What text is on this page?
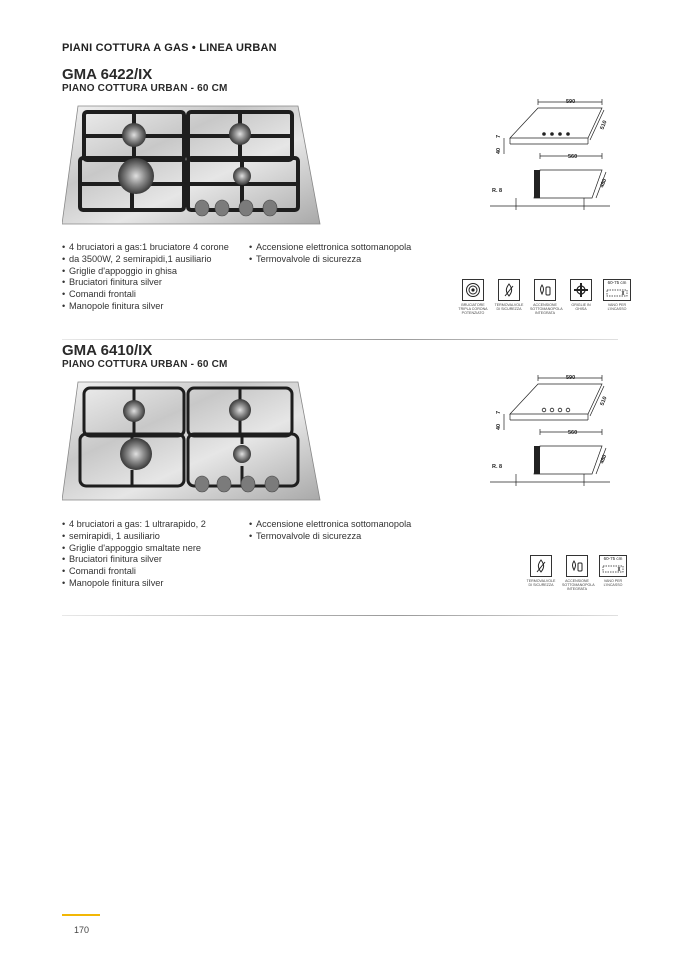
PIANI COTTURA A GAS • LINEA URBAN
GMA 6422/IX
PIANO COTTURA URBAN - 60 CM
590
510
40
7
560
480
R. 8
• 4 bruciatori a gas:1 bruciatore 4 corone
• da 3500W, 2 semirapidi,1 ausiliario
• Griglie d'appoggio in ghisa
• Bruciatori finitura silver
• Comandi frontali
• Manopole finitura silver
• Accensione elettronica sottomanopola
• Termovalvole di sicurezza
BRUCIATORE TRIPLA CORONA POTENZIATO
TERMOVALVOLE DI SICUREZZA
ACCENSIONE SOTTOMANOPOLA INTEGRATA
GRIGLIE IN GHISA
60-75 cm
VANO PER L'INCASSO
GMA 6410/IX
PIANO COTTURA URBAN - 60 CM
590
510
40
7
560
480
R. 8
• 4 bruciatori a gas: 1 ultrarapido, 2
• semirapidi, 1 ausiliario
• Griglie d'appoggio smaltate nere
• Bruciatori finitura silver
• Comandi frontali
• Manopole finitura silver
• Accensione elettronica sottomanopola
• Termovalvole di sicurezza
TERMOVALVOLE DI SICUREZZA
ACCENSIONE SOTTOMANOPOLA INTEGRATA
60-75 cm
VANO PER L'INCASSO
170
